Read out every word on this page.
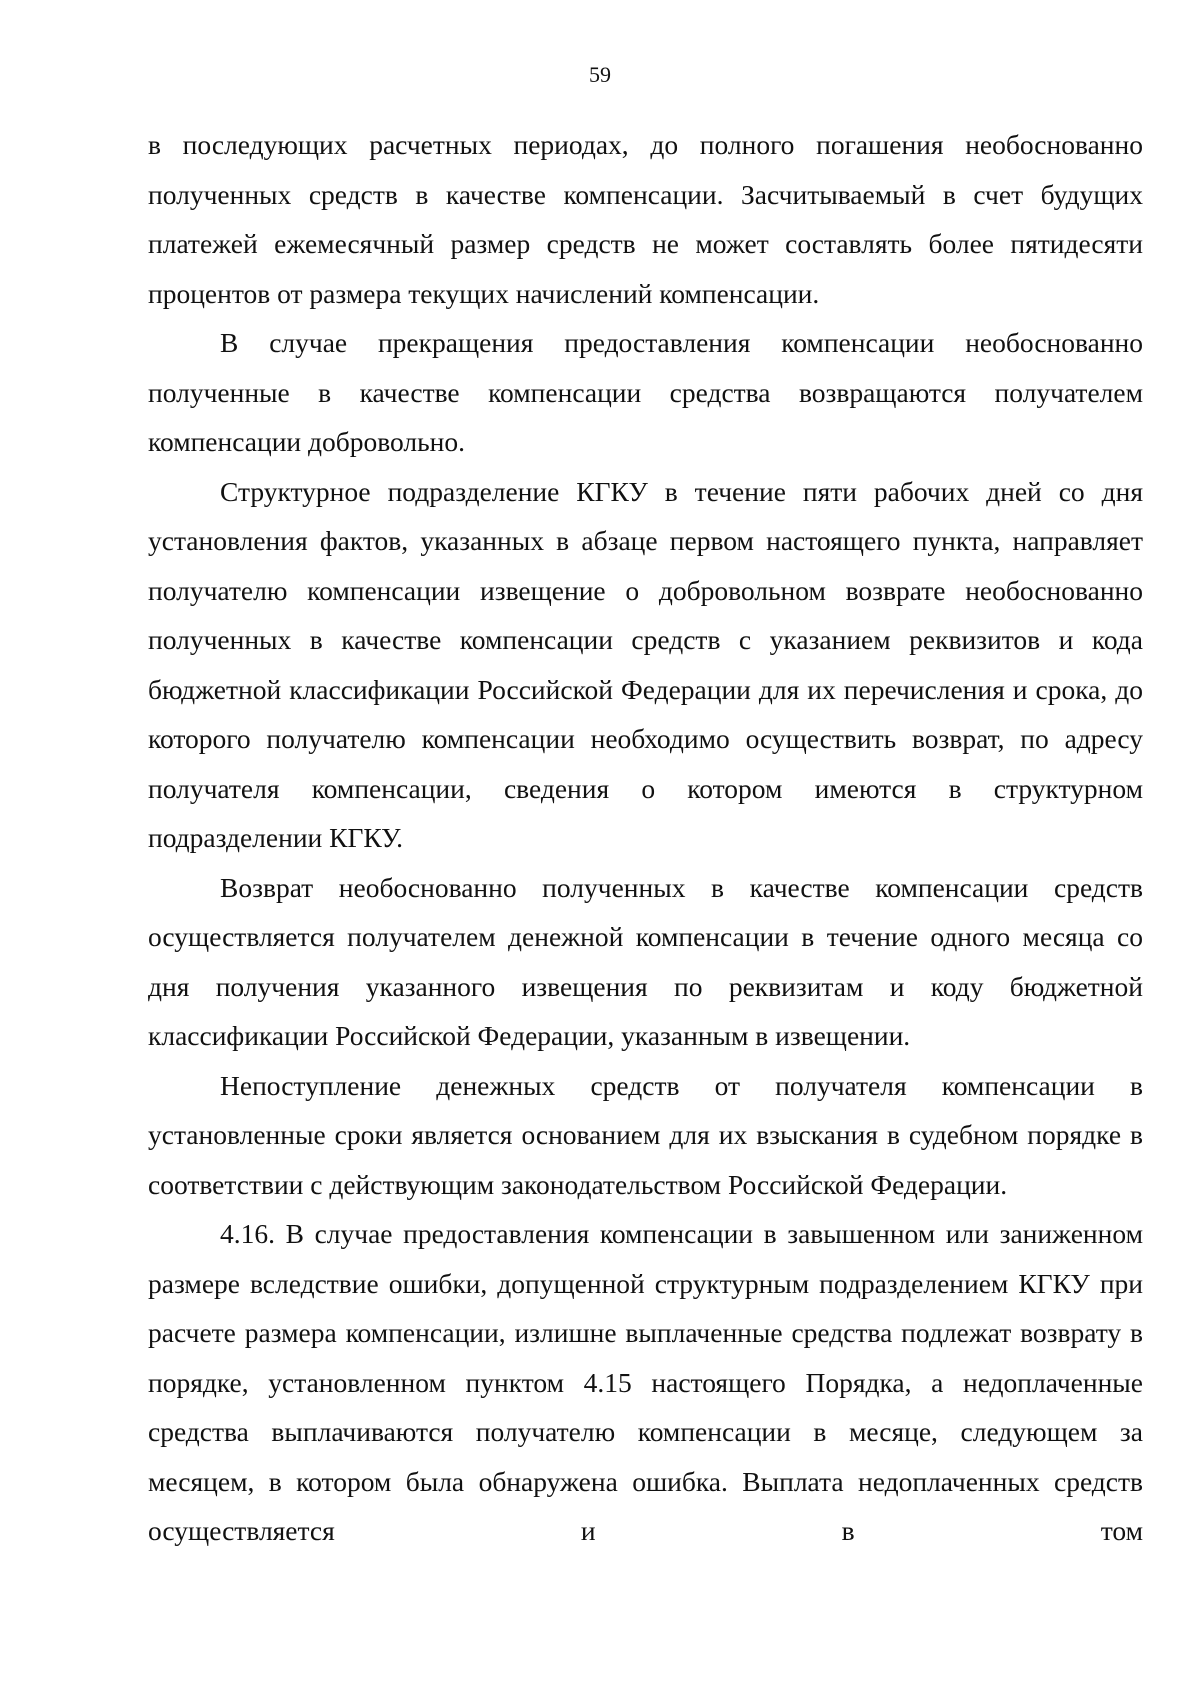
59

в последующих расчетных периодах, до полного погашения необоснованно полученных средств в качестве компенсации. Засчитываемый в счет будущих платежей ежемесячный размер средств не может составлять более пятидесяти процентов от размера текущих начислений компенсации.

В случае прекращения предоставления компенсации необоснованно полученные в качестве компенсации средства возвращаются получателем компенсации добровольно.

Структурное подразделение КГКУ в течение пяти рабочих дней со дня установления фактов, указанных в абзаце первом настоящего пункта, направляет получателю компенсации извещение о добровольном возврате необоснованно полученных в качестве компенсации средств с указанием реквизитов и кода бюджетной классификации Российской Федерации для их перечисления и срока, до которого получателю компенсации необходимо осуществить возврат, по адресу получателя компенсации, сведения о котором имеются в структурном подразделении КГКУ.

Возврат необоснованно полученных в качестве компенсации средств осуществляется получателем денежной компенсации в течение одного месяца со дня получения указанного извещения по реквизитам и коду бюджетной классификации Российской Федерации, указанным в извещении.

Непоступление денежных средств от получателя компенсации в установленные сроки является основанием для их взыскания в судебном порядке в соответствии с действующим законодательством Российской Федерации.

4.16. В случае предоставления компенсации в завышенном или заниженном размере вследствие ошибки, допущенной структурным подразделением КГКУ при расчете размера компенсации, излишне выплаченные средства подлежат возврату в порядке, установленном пунктом 4.15 настоящего Порядка, а недоплаченные средства выплачиваются получателю компенсации в месяце, следующем за месяцем, в котором была обнаружена ошибка. Выплата недоплаченных средств осуществляется и в том
